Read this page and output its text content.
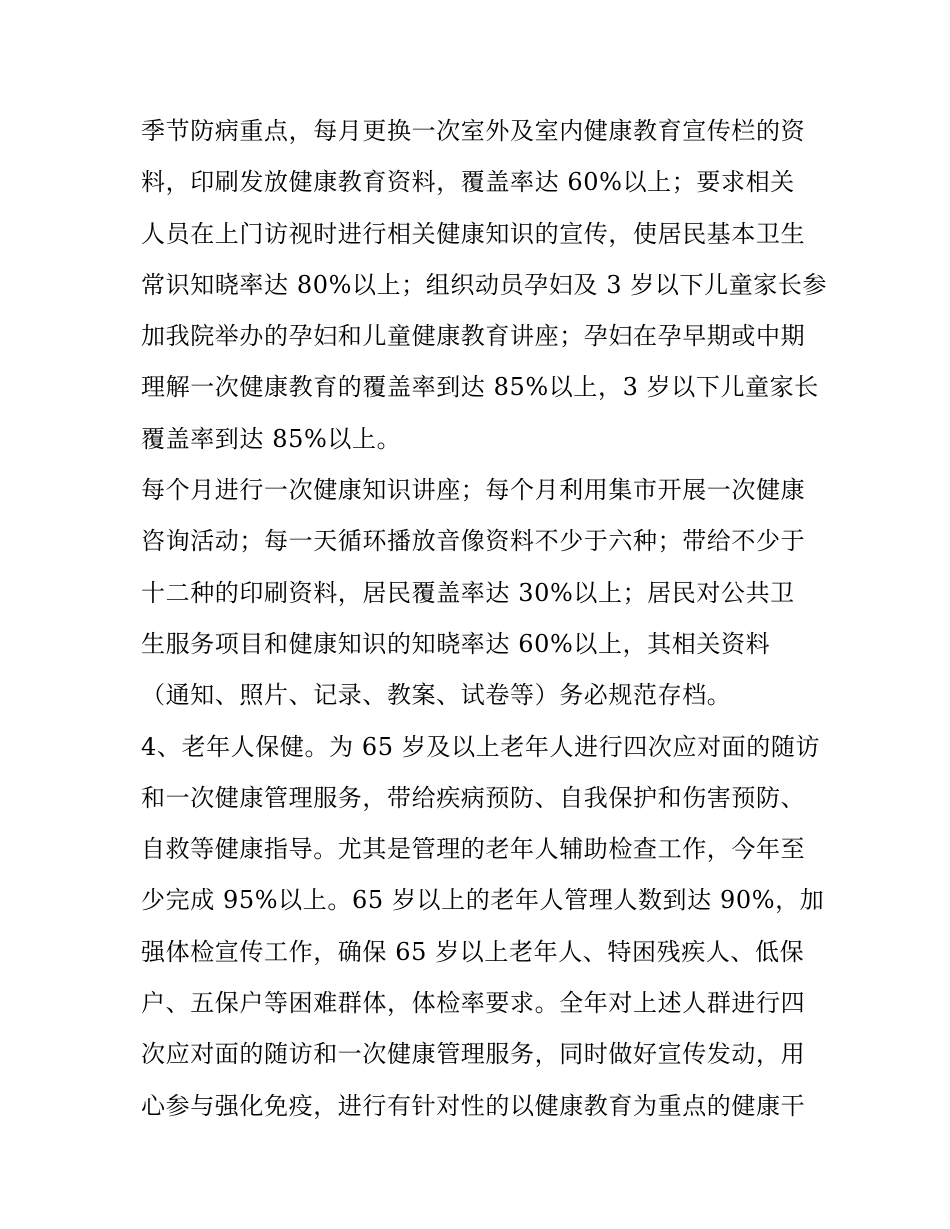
季节防病重点，每月更换一次室外及室内健康教育宣传栏的资
料，印刷发放健康教育资料，覆盖率达 60%以上；要求相关
人员在上门访视时进行相关健康知识的宣传，使居民基本卫生
常识知晓率达 80%以上；组织动员孕妇及 3 岁以下儿童家长参
加我院举办的孕妇和儿童健康教育讲座；孕妇在孕早期或中期
理解一次健康教育的覆盖率到达 85%以上，3 岁以下儿童家长
覆盖率到达 85%以上。
每个月进行一次健康知识讲座；每个月利用集市开展一次健康
咨询活动；每一天循环播放音像资料不少于六种；带给不少于
十二种的印刷资料，居民覆盖率达 30%以上；居民对公共卫
生服务项目和健康知识的知晓率达 60%以上，其相关资料
（通知、照片、记录、教案、试卷等）务必规范存档。
4、老年人保健。为 65 岁及以上老年人进行四次应对面的随访
和一次健康管理服务，带给疾病预防、自我保护和伤害预防、
自救等健康指导。尤其是管理的老年人辅助检查工作，今年至
少完成 95%以上。65 岁以上的老年人管理人数到达 90%，加
强体检宣传工作，确保 65 岁以上老年人、特困残疾人、低保
户、五保户等困难群体，体检率要求。全年对上述人群进行四
次应对面的随访和一次健康管理服务，同时做好宣传发动，用
心参与强化免疫，进行有针对性的以健康教育为重点的健康干
